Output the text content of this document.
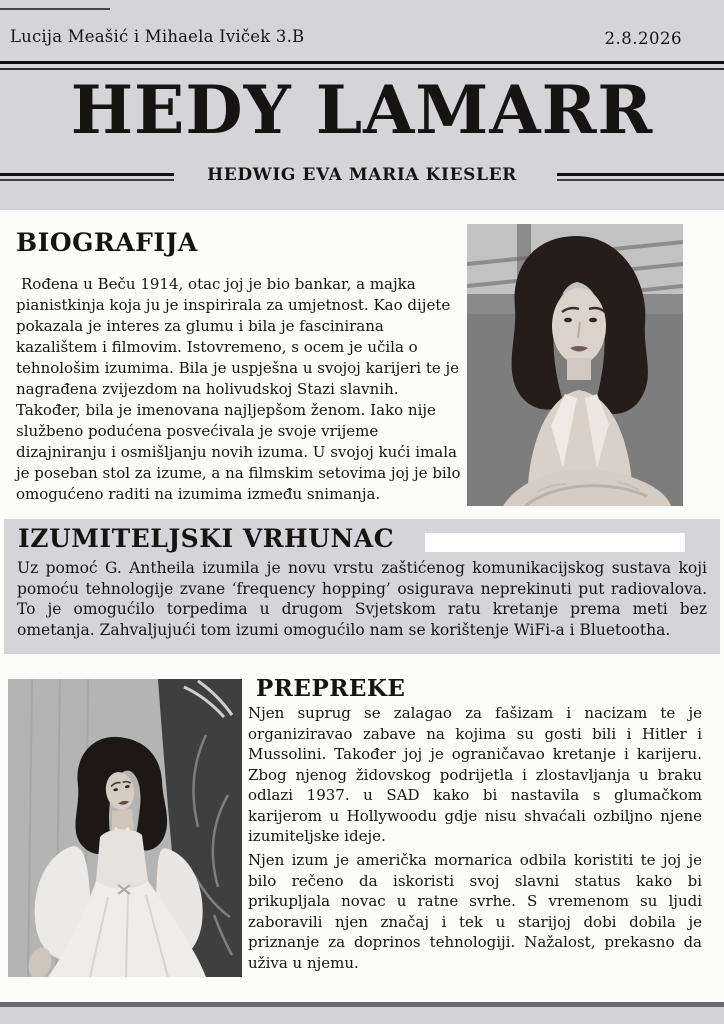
Lucija Meašić i Mihaela Iviček 3.B	2.8.2026
HEDY LAMARR
HEDWIG EVA MARIA KIESLER
BIOGRAFIJA
Rođena u Beču 1914, otac joj je bio bankar, a majka pianistkinja koja ju je inspirirala za umjetnost. Kao dijete pokazala je interes za glumu i bila je fascinirana kazalištem i filmovim. Istovremeno, s ocem je učila o tehnološim izumima. Bila je uspješna u svojoj karijeri te je nagrađena zvijezdom na holivudskoj Stazi slavnih. Također, bila je imenovana najljepšom ženom. Iako nije službeno podućena posvećivala je svoje vrijeme dizajniranju i osmišljanju novih izuma. U svojoj kući imala je poseban stol za izume, a na filmskim setovima joj je bilo omogućeno raditi na izumima između snimanja.
IZUMITELJSKI VRHUNAC
Uz pomoć G. Antheila izumila je novu vrstu zaštićenog komunikacijskog sustava koji pomoću tehnologije zvane ‘frequency hopping’ osigurava neprekinuti put radiovalova. To je omogućilo torpedima u drugom Svjetskom ratu kretanje prema meti bez ometanja. Zahvaljujući tom izumi omogućilo nam se korištenje WiFi-a i Bluetootha.
PREPREKE
Njen suprug se zalagao za fašizam i nacizam te je organiziravao zabave na kojima su gosti bili i Hitler i Mussolini. Također joj je ograničavao kretanje i karijeru. Zbog njenog židovskog podrijetla i zlostavljanja u braku odlazi 1937. u SAD kako bi nastavila s glumačkom karijerom u Hollywoodu gdje nisu shvaćali ozbiljno njene izumiteljske ideje.
Njen izum je američka mornarica odbila koristiti te joj je bilo rečeno da iskoristi svoj slavni status kako bi prikupljala novac u ratne svrhe. S vremenom su ljudi zaboravili njen značaj i tek u starijoj dobi dobila je priznanje za doprinos tehnologiji. Nažalost, prekasno da uživa u njemu.
